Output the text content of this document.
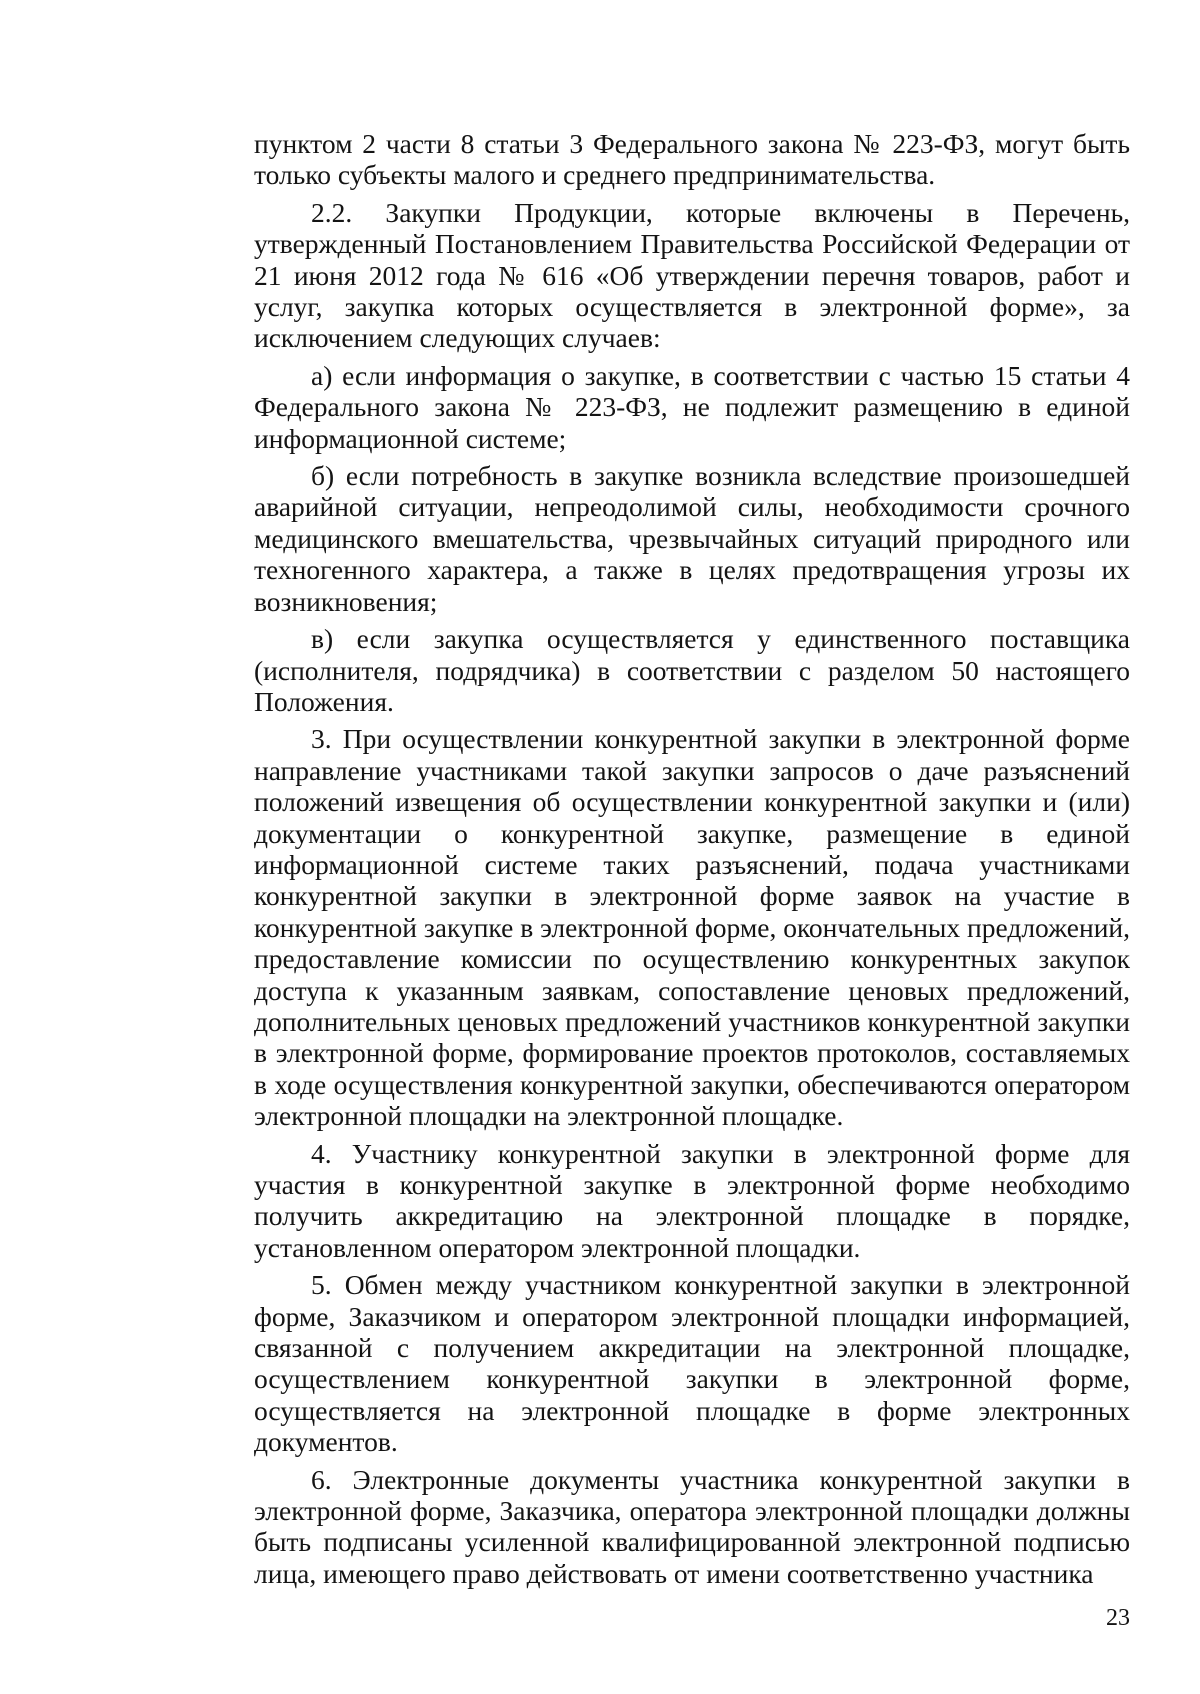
пунктом 2 части 8 статьи 3 Федерального закона № 223-ФЗ, могут быть только субъекты малого и среднего предпринимательства.

2.2. Закупки Продукции, которые включены в Перечень, утвержденный Постановлением Правительства Российской Федерации от 21 июня 2012 года № 616 «Об утверждении перечня товаров, работ и услуг, закупка которых осуществляется в электронной форме», за исключением следующих случаев:

а) если информация о закупке, в соответствии с частью 15 статьи 4 Федерального закона № 223-ФЗ, не подлежит размещению в единой информационной системе;

б) если потребность в закупке возникла вследствие произошедшей аварийной ситуации, непреодолимой силы, необходимости срочного медицинского вмешательства, чрезвычайных ситуаций природного или техногенного характера, а также в целях предотвращения угрозы их возникновения;

в) если закупка осуществляется у единственного поставщика (исполнителя, подрядчика) в соответствии с разделом 50 настоящего Положения.

3. При осуществлении конкурентной закупки в электронной форме направление участниками такой закупки запросов о даче разъяснений положений извещения об осуществлении конкурентной закупки и (или) документации о конкурентной закупке, размещение в единой информационной системе таких разъяснений, подача участниками конкурентной закупки в электронной форме заявок на участие в конкурентной закупке в электронной форме, окончательных предложений, предоставление комиссии по осуществлению конкурентных закупок доступа к указанным заявкам, сопоставление ценовых предложений, дополнительных ценовых предложений участников конкурентной закупки в электронной форме, формирование проектов протоколов, составляемых в ходе осуществления конкурентной закупки, обеспечиваются оператором электронной площадки на электронной площадке.

4. Участнику конкурентной закупки в электронной форме для участия в конкурентной закупке в электронной форме необходимо получить аккредитацию на электронной площадке в порядке, установленном оператором электронной площадки.

5. Обмен между участником конкурентной закупки в электронной форме, Заказчиком и оператором электронной площадки информацией, связанной с получением аккредитации на электронной площадке, осуществлением конкурентной закупки в электронной форме, осуществляется на электронной площадке в форме электронных документов.

6. Электронные документы участника конкурентной закупки в электронной форме, Заказчика, оператора электронной площадки должны быть подписаны усиленной квалифицированной электронной подписью лица, имеющего право действовать от имени соответственно участника

23
